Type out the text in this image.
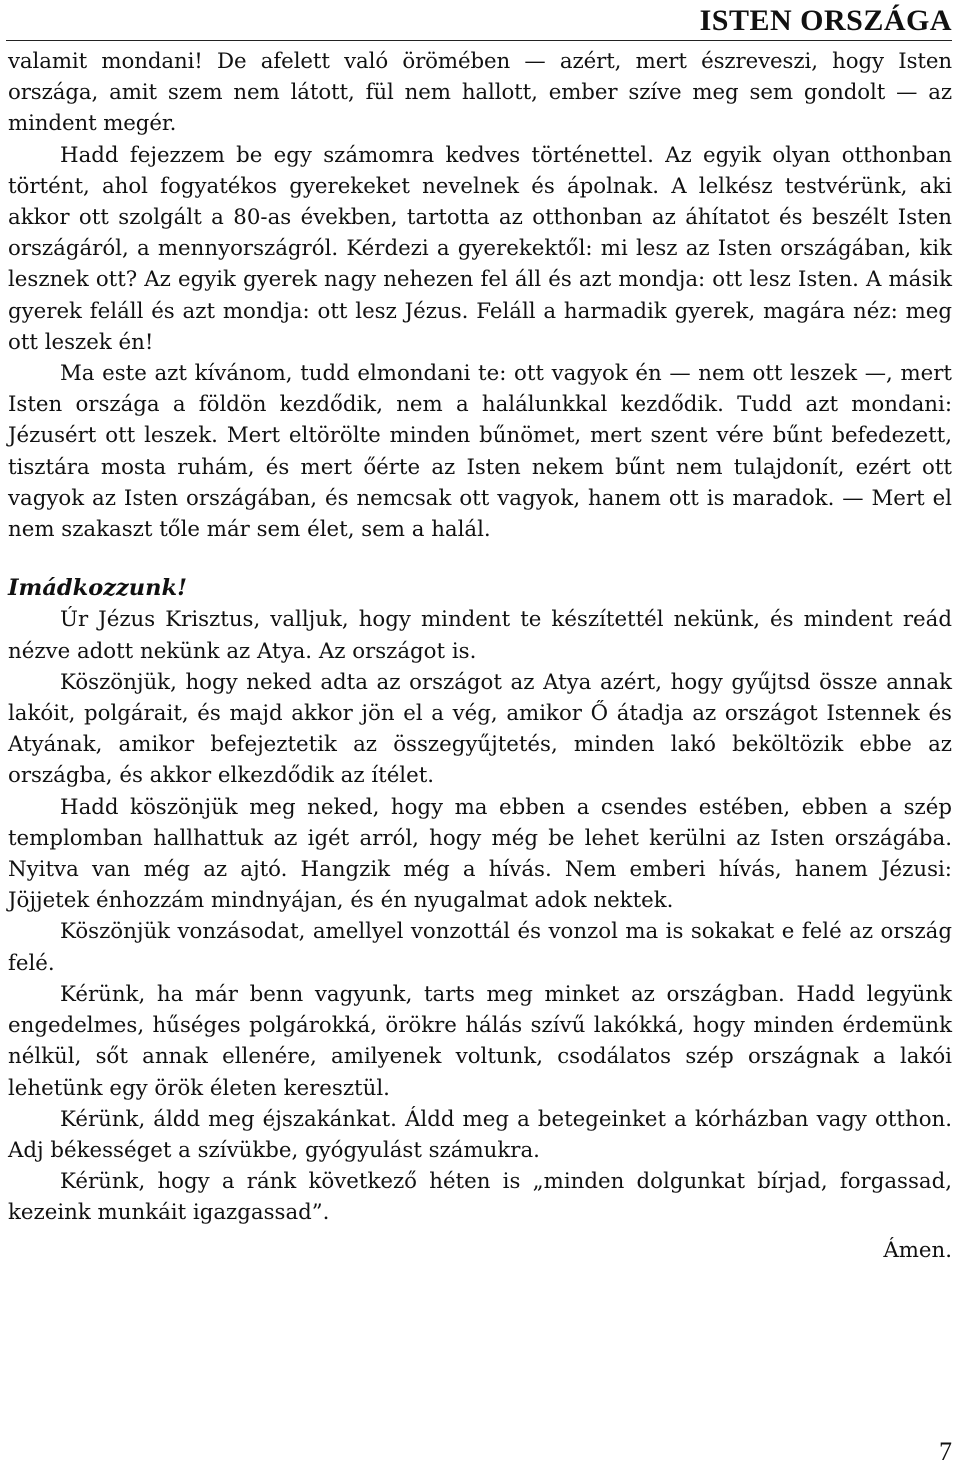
ISTEN ORSZÁGA

valamit mondani! De afelett való örömében — azért, mert észreveszi, hogy Isten országa, amit szem nem látott, fül nem hallott, ember szíve meg sem gondolt — az mindent megér.

Hadd fejezzem be egy számomra kedves történettel. Az egyik olyan otthonban történt, ahol fogyatékos gyerekeket nevelnek és ápolnak. A lelkész testvérünk, aki akkor ott szolgált a 80-as években, tartotta az otthonban az áhítatot és beszélt Isten országáról, a mennyországról. Kérdezi a gyerekektől: mi lesz az Isten országában, kik lesznek ott? Az egyik gyerek nagy nehezen fel áll és azt mondja: ott lesz Isten. A másik gyerek feláll és azt mondja: ott lesz Jézus. Feláll a harmadik gyerek, magára néz: meg ott leszek én!

Ma este azt kívánom, tudd elmondani te: ott vagyok én — nem ott leszek —, mert Isten országa a földön kezdődik, nem a halálunkkal kezdődik. Tudd azt mondani: Jézusért ott leszek. Mert eltörölte minden bűnömet, mert szent vére bűnt befedezett, tisztára mosta ruhám, és mert őérte az Isten nekem bűnt nem tulajdonít, ezért ott vagyok az Isten országában, és nemcsak ott vagyok, hanem ott is maradok. — Mert el nem szakaszt tőle már sem élet, sem a halál.

Imádkozzunk!

Úr Jézus Krisztus, valljuk, hogy mindent te készítettél nekünk, és mindent reád nézve adott nekünk az Atya. Az országot is.

Köszönjük, hogy neked adta az országot az Atya azért, hogy gyűjtsd össze annak lakóit, polgárait, és majd akkor jön el a vég, amikor Ő átadja az országot Istennek és Atyának, amikor befejeztetik az összegyűjtetés, minden lakó beköltözik ebbe az országba, és akkor elkezdődik az ítélet.

Hadd köszönjük meg neked, hogy ma ebben a csendes estében, ebben a szép templomban hallhattuk az igét arról, hogy még be lehet kerülni az Isten országába. Nyitva van még az ajtó. Hangzik még a hívás. Nem emberi hívás, hanem Jézusi: Jöjjetek énhozzám mindnyájan, és én nyugalmat adok nektek.

Köszönjük vonzásodat, amellyel vonzottál és vonzol ma is sokakat e felé az ország felé.

Kérünk, ha már benn vagyunk, tarts meg minket az országban. Hadd legyünk engedelmes, hűséges polgárokká, örökre hálás szívű lakókká, hogy minden érdemünk nélkül, sőt annak ellenére, amilyenek voltunk, csodálatos szép országnak a lakói lehetünk egy örök életen keresztül.

Kérünk, áldd meg éjszakánkat. Áldd meg a betegeinket a kórházban vagy otthon. Adj békességet a szívükbe, gyógyulást számukra.

Kérünk, hogy a ránk következő héten is „minden dolgunkat bírjad, forgassad, kezeink munkáit igazgassad”.

Ámen.

7
